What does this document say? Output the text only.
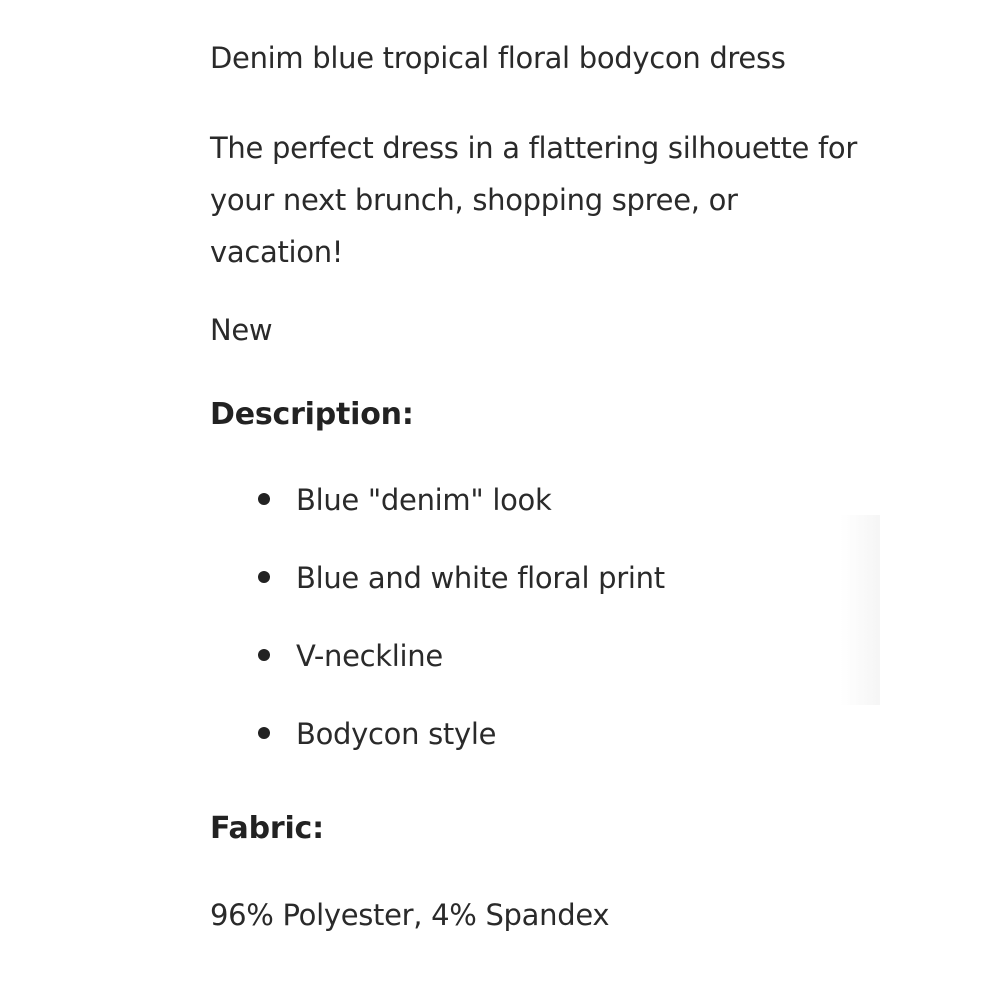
Denim blue tropical floral bodycon dress
The perfect dress in a flattering silhouette for
your next brunch, shopping spree, or
vacation!
New
Description:
Blue "denim" look
Blue and white floral print
V-neckline
Bodycon style
Fabric:
96% Polyester, 4% Spandex
